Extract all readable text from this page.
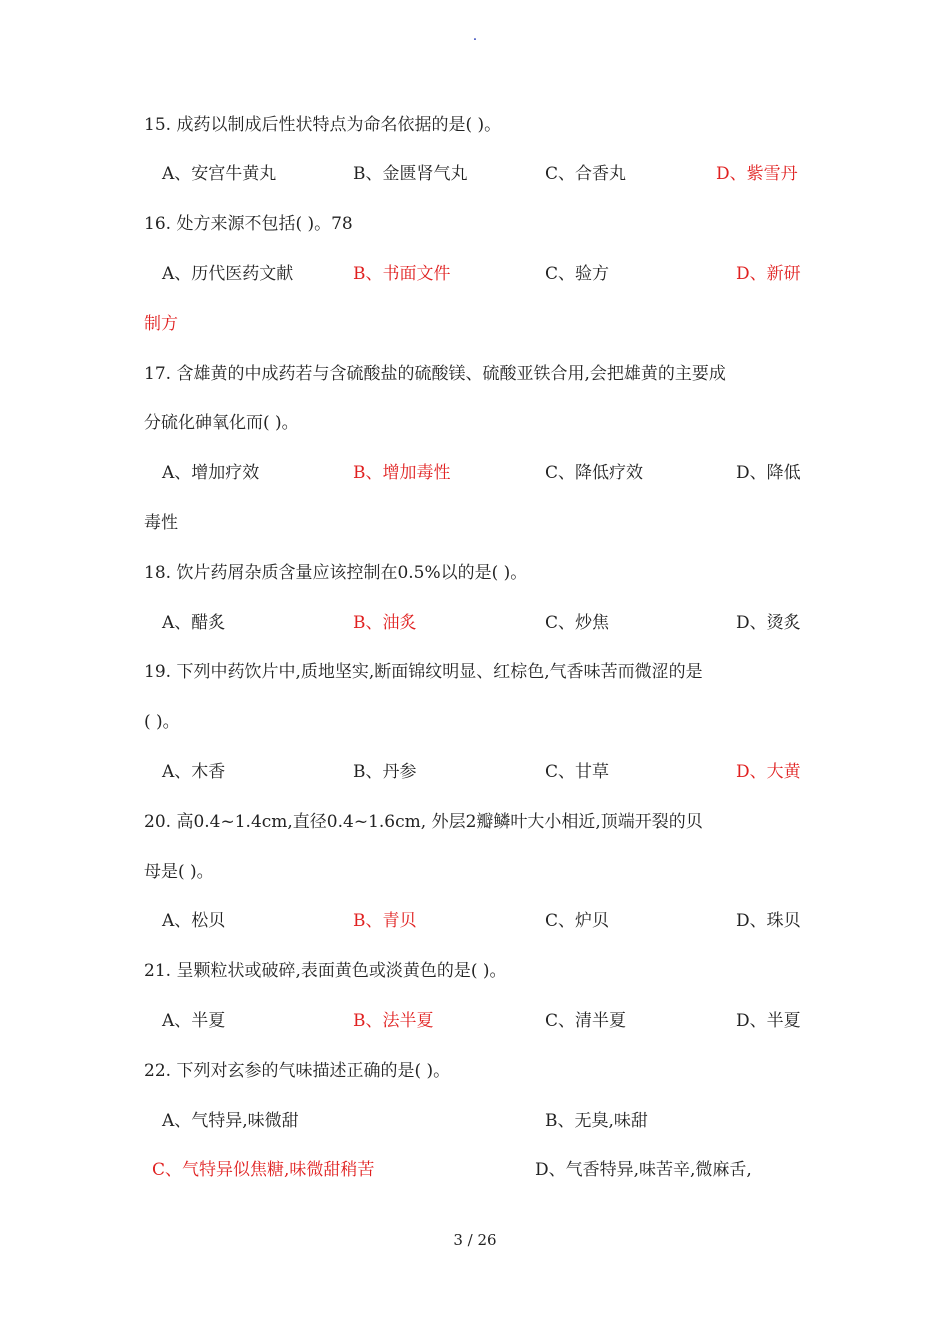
.
15. 成药以制成后性状特点为命名依据的是( )。
A、安宫牛黄丸	B、金匮肾气丸	C、合香丸	D、紫雪丹
16. 处方来源不包括( )。78
A、历代医药文献	B、书面文件	C、验方	D、新研
制方
17. 含雄黄的中成药若与含硫酸盐的硫酸镁、硫酸亚铁合用,会把雄黄的主要成
分硫化砷氧化而( )。
A、增加疗效	B、增加毒性	C、降低疗效	D、降低
毒性
18. 饮片药屑杂质含量应该控制在0.5%以的是( )。
A、醋炙	B、油炙	C、炒焦	D、烫炙
19. 下列中药饮片中,质地坚实,断面锦纹明显、红棕色,气香味苦而微涩的是
( )。
A、木香	B、丹参	C、甘草	D、大黄
20. 高0.4~1.4cm,直径0.4~1.6cm, 外层2瓣鳞叶大小相近,顶端开裂的贝
母是( )。
A、松贝	B、青贝	C、炉贝	D、珠贝
21. 呈颗粒状或破碎,表面黄色或淡黄色的是( )。
A、半夏	B、法半夏	C、清半夏	D、半夏
22. 下列对玄参的气味描述正确的是( )。
A、气特异,味微甜	B、无臭,味甜
C、气特异似焦糖,味微甜稍苦	D、气香特异,味苦辛,微麻舌,
3 / 26
